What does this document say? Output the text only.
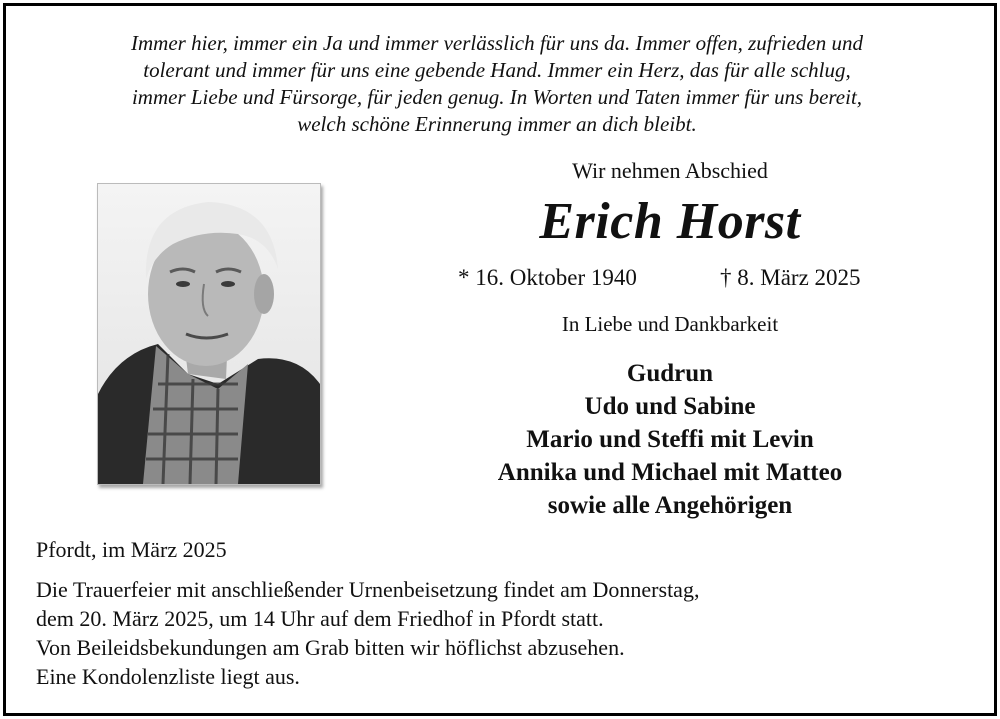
Immer hier, immer ein Ja und immer verlässlich für uns da. Immer offen, zufrieden und
tolerant und immer für uns eine gebende Hand. Immer ein Herz, das für alle schlug,
immer Liebe und Fürsorge, für jeden genug. In Worten und Taten immer für uns bereit,
welch schöne Erinnerung immer an dich bleibt.
Wir nehmen Abschied
Erich Horst
* 16. Oktober 1940	† 8. März 2025
In Liebe und Dankbarkeit
Gudrun
Udo und Sabine
Mario und Steffi mit Levin
Annika und Michael mit Matteo
sowie alle Angehörigen
Pfordt, im März 2025
Die Trauerfeier mit anschließender Urnenbeisetzung findet am Donnerstag,
dem 20. März 2025, um 14 Uhr auf dem Friedhof in Pfordt statt.
Von Beileidsbekundungen am Grab bitten wir höflichst abzusehen.
Eine Kondolenzliste liegt aus.
